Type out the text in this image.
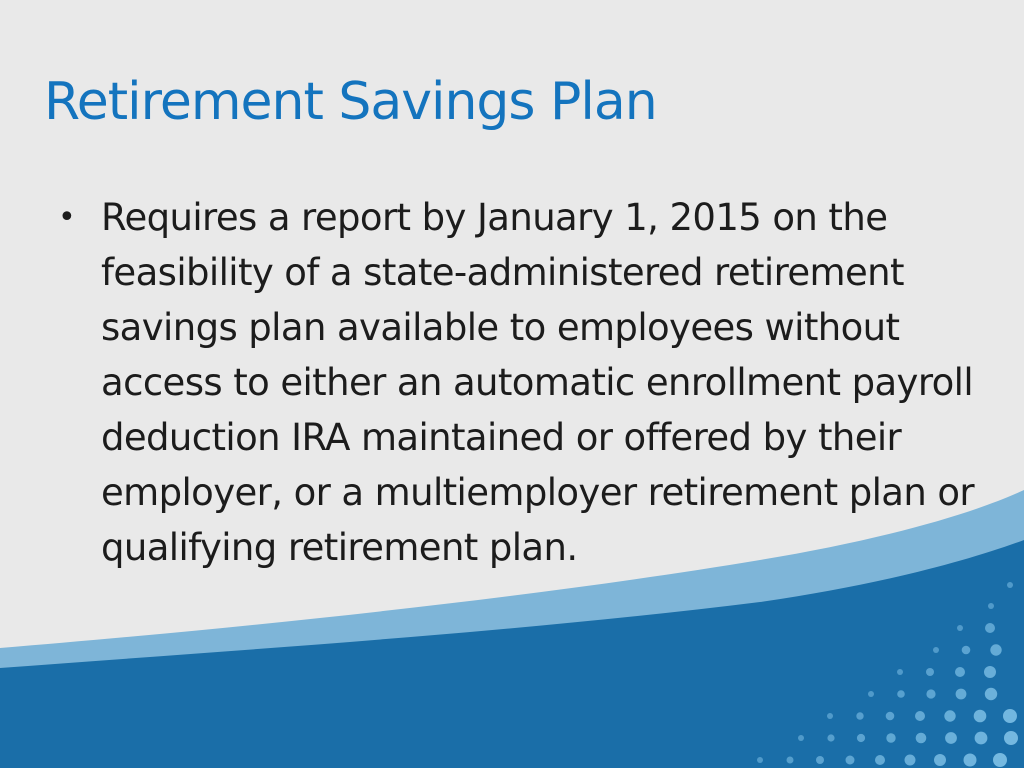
Retirement Savings Plan
• Requires a report by January 1, 2015 on the feasibility of a state-administered retirement savings plan available to employees without access to either an automatic enrollment payroll deduction IRA maintained or offered by their employer, or a multiemployer retirement plan or qualifying retirement plan.
